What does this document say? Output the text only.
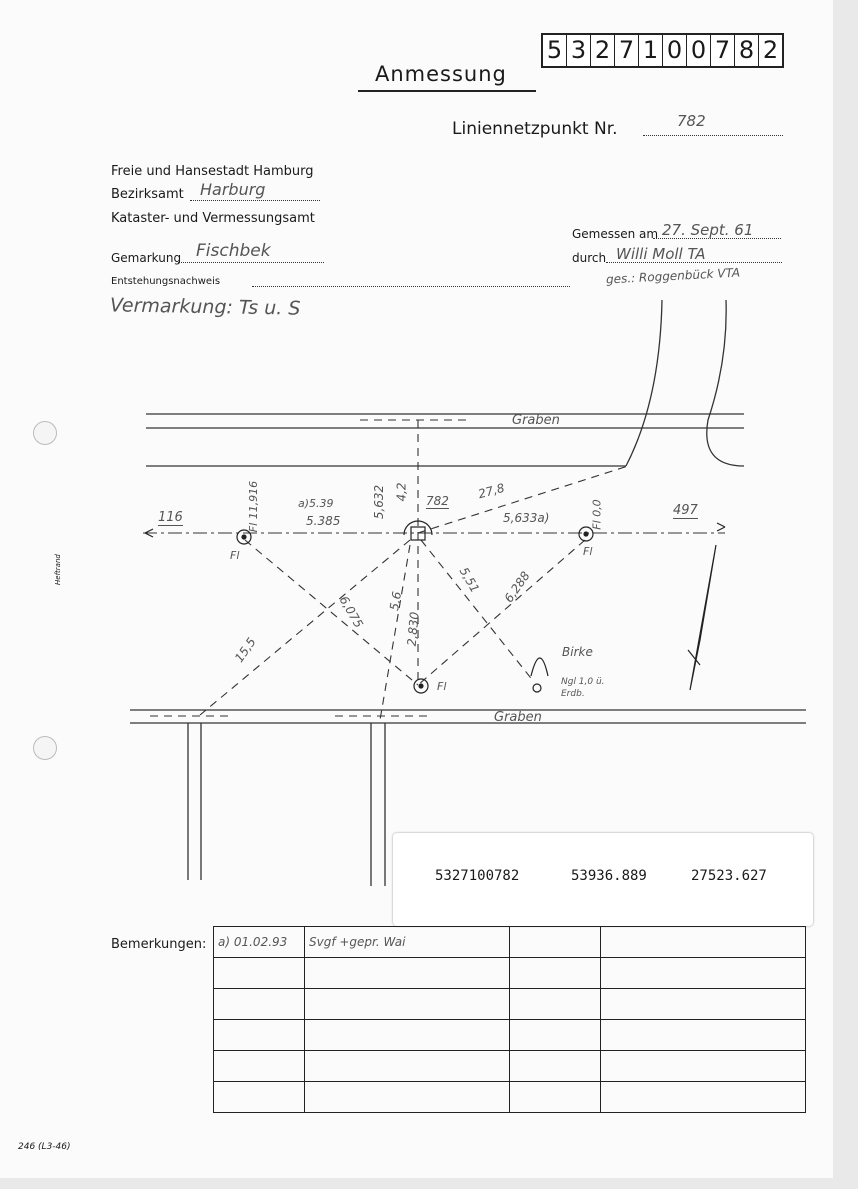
5 3 2 7 1 0 0 7 8 2
Anmessung
Liniennetzpunkt Nr.	782
Freie und Hansestadt Hamburg
Bezirksamt Harburg
Kataster- und Vermessungsamt
Gemarkung Fischbek
Entstehungsnachweis
Gemessen am 27. Sept. 61
durch Willi Moll TA
ges.: Roggenbück VTA
Vermarkung: Ts u. S
Graben
Graben
116	497
Fl 11,916
Fl
Fl 0,0
Fl
Fl
782
a)5.39
5.385
5,632 4,2	27,8
5,633a)
6,075
15,5
5,6
2,830
5,51 6,288
Birke
Ngl 1,0 ü.
Erdb.
Heftrand
5327100782	53936.889	27523.627
Bemerkungen: a) 01.02.93	Svgf +gepr. Wai		

246 (L3-46)
